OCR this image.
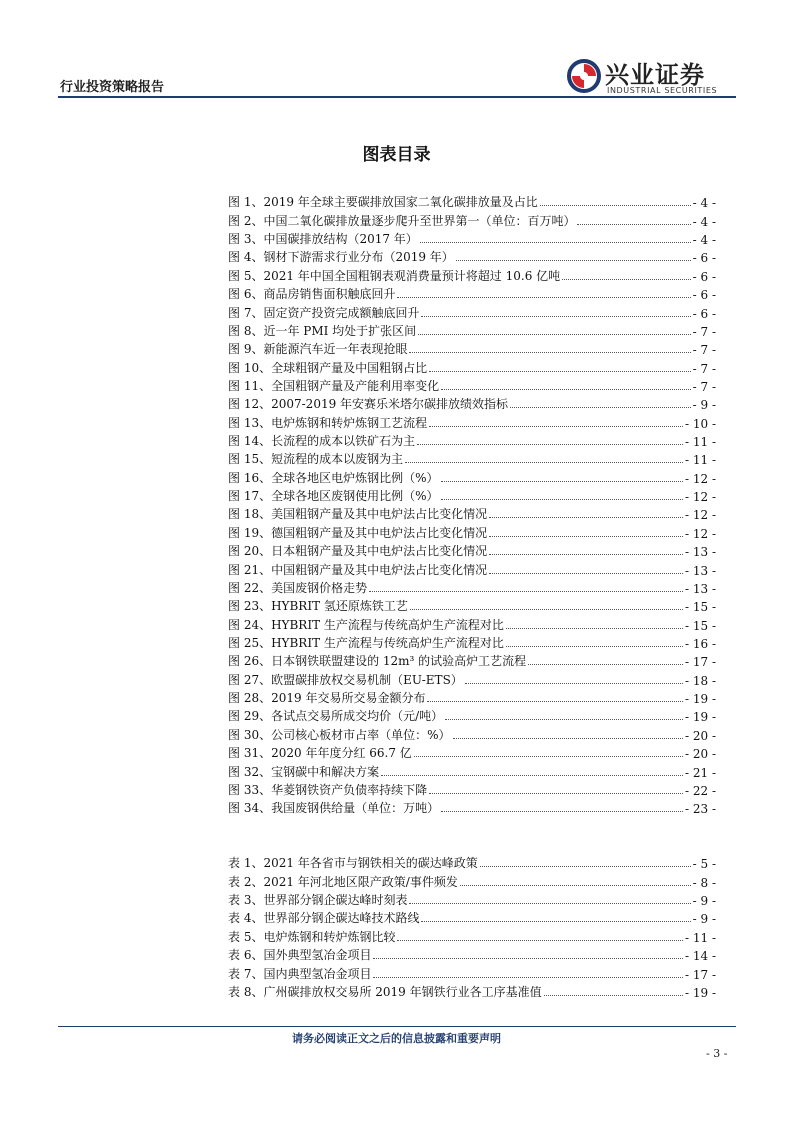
行业投资策略报告	兴业证券
INDUSTRIAL SECURITIES
图表目录
图 1、2019 年全球主要碳排放国家二氧化碳排放量及占比	- 4 -
图 2、中国二氧化碳排放量逐步爬升至世界第一（单位：百万吨）	- 4 -
图 3、中国碳排放结构（2017 年）	- 4 -
图 4、钢材下游需求行业分布（2019 年）	- 6 -
图 5、2021 年中国全国粗钢表观消费量预计将超过 10.6 亿吨	- 6 -
图 6、商品房销售面积触底回升	- 6 -
图 7、固定资产投资完成额触底回升	- 6 -
图 8、近一年 PMI 均处于扩张区间	- 7 -
图 9、新能源汽车近一年表现抢眼	- 7 -
图 10、全球粗钢产量及中国粗钢占比	- 7 -
图 11、全国粗钢产量及产能利用率变化	- 7 -
图 12、2007-2019 年安赛乐米塔尔碳排放绩效指标	- 9 -
图 13、电炉炼钢和转炉炼钢工艺流程	- 10 -
图 14、长流程的成本以铁矿石为主	- 11 -
图 15、短流程的成本以废钢为主	- 11 -
图 16、全球各地区电炉炼钢比例（%）	- 12 -
图 17、全球各地区废钢使用比例（%）	- 12 -
图 18、美国粗钢产量及其中电炉法占比变化情况	- 12 -
图 19、德国粗钢产量及其中电炉法占比变化情况	- 12 -
图 20、日本粗钢产量及其中电炉法占比变化情况	- 13 -
图 21、中国粗钢产量及其中电炉法占比变化情况	- 13 -
图 22、美国废钢价格走势	- 13 -
图 23、HYBRIT 氢还原炼铁工艺	- 15 -
图 24、HYBRIT 生产流程与传统高炉生产流程对比	- 15 -
图 25、HYBRIT 生产流程与传统高炉生产流程对比	- 16 -
图 26、日本钢铁联盟建设的 12m³ 的试验高炉工艺流程	- 17 -
图 27、欧盟碳排放权交易机制（EU-ETS）	- 18 -
图 28、2019 年交易所交易金额分布	- 19 -
图 29、各试点交易所成交均价（元/吨）	- 19 -
图 30、公司核心板材市占率（单位：%）	- 20 -
图 31、2020 年年度分红 66.7 亿	- 20 -
图 32、宝钢碳中和解决方案	- 21 -
图 33、华菱钢铁资产负债率持续下降	- 22 -
图 34、我国废钢供给量（单位：万吨）	- 23 -
表 1、2021 年各省市与钢铁相关的碳达峰政策	- 5 -
表 2、2021 年河北地区限产政策/事件频发	- 8 -
表 3、世界部分钢企碳达峰时刻表	- 9 -
表 4、世界部分钢企碳达峰技术路线	- 9 -
表 5、电炉炼钢和转炉炼钢比较	- 11 -
表 6、国外典型氢冶金项目	- 14 -
表 7、国内典型氢冶金项目	- 17 -
表 8、广州碳排放权交易所 2019 年钢铁行业各工序基准值	- 19 -
请务必阅读正文之后的信息披露和重要声明
- 3 -
